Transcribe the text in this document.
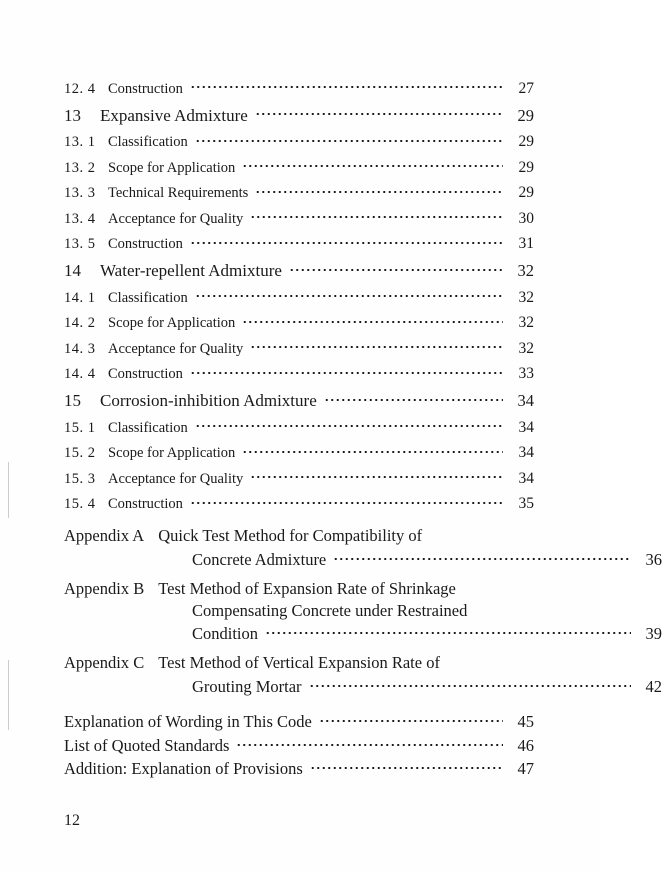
12. 4 Construction	27
13	Expansive Admixture	29
13. 1 Classification	29
13. 2 Scope for Application	29
13. 3 Technical Requirements	29
13. 4 Acceptance for Quality	30
13. 5 Construction	31
14	Water-repellent Admixture	32
14. 1 Classification	32
14. 2 Scope for Application	32
14. 3 Acceptance for Quality	32
14. 4 Construction	33
15	Corrosion-inhibition Admixture	34
15. 1 Classification	34
15. 2 Scope for Application	34
15. 3 Acceptance for Quality	34
15. 4 Construction	35
Appendix A Quick Test Method for Compatibility of
Concrete Admixture	36
Appendix B Test Method of Expansion Rate of Shrinkage
Compensating Concrete under Restrained
Condition	39
Appendix C Test Method of Vertical Expansion Rate of
Grouting Mortar	42
Explanation of Wording in This Code	45
List of Quoted Standards	46
Addition: Explanation of Provisions	47
12
